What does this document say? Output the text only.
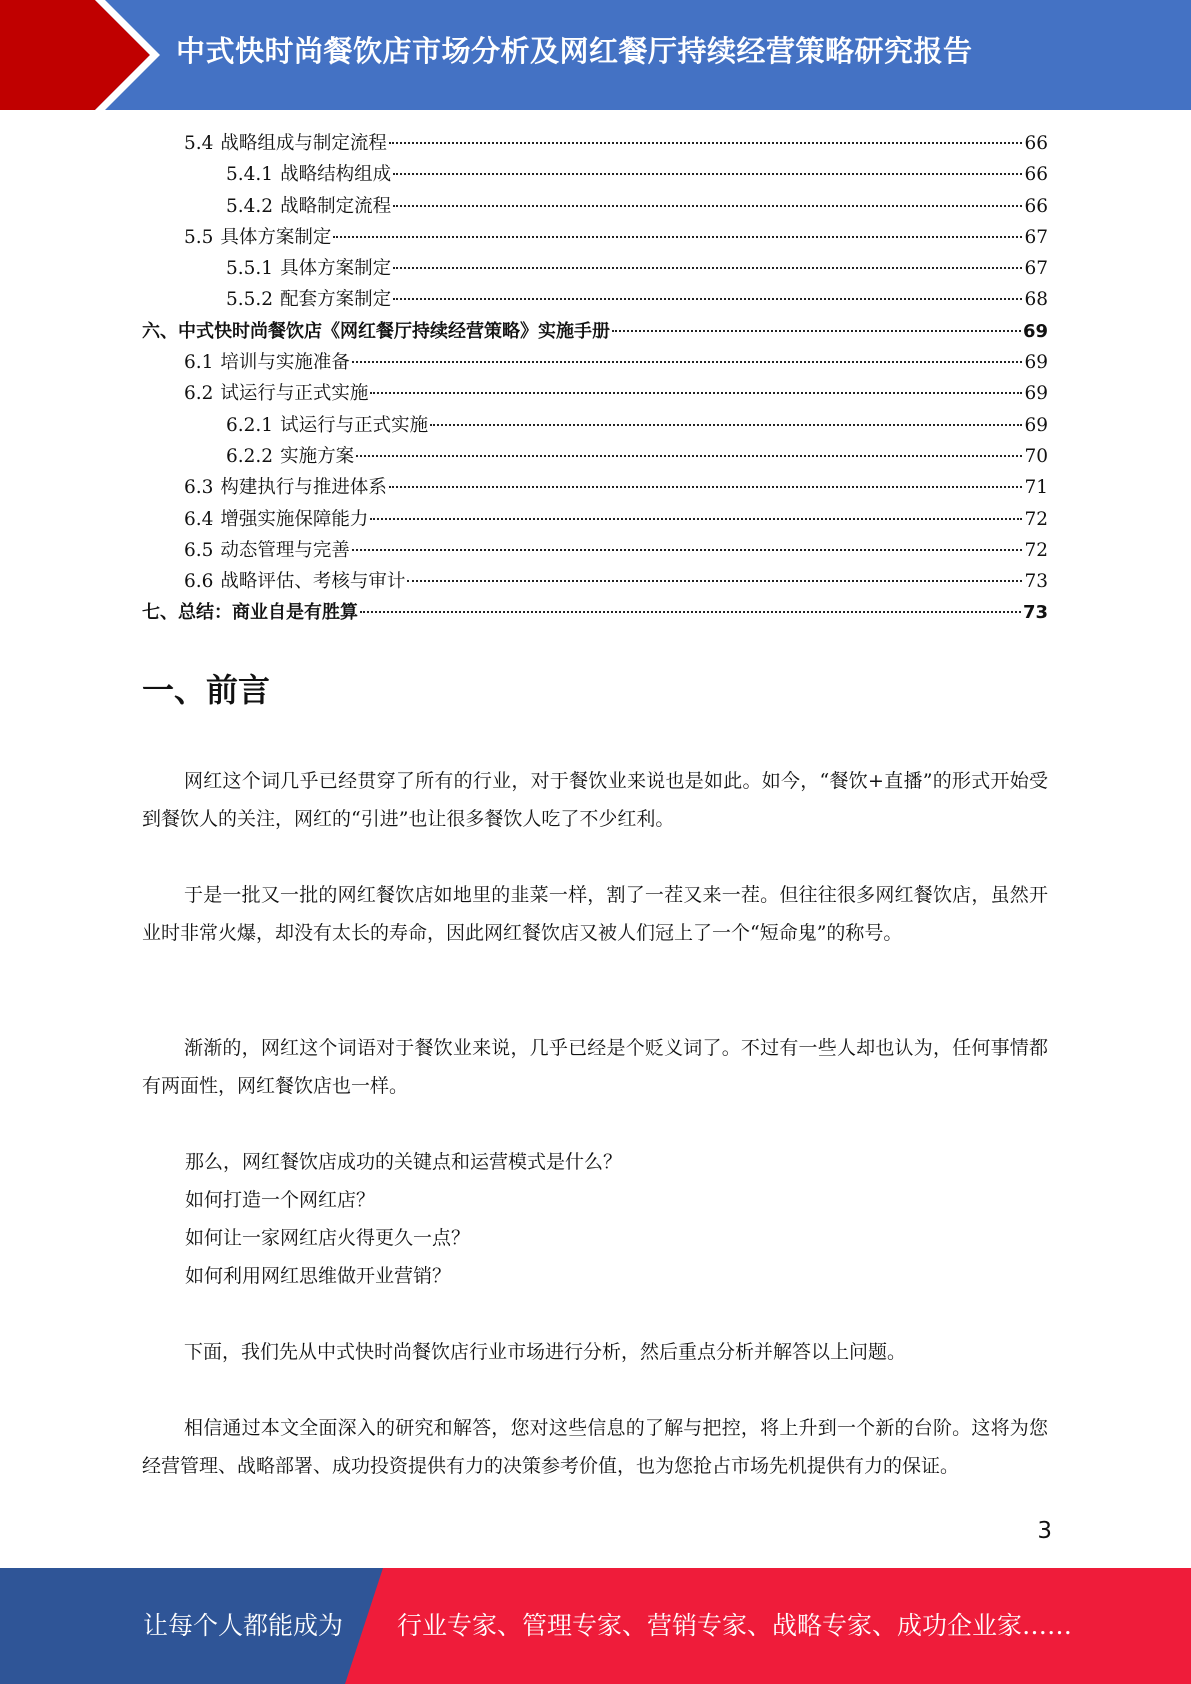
中式快时尚餐饮店市场分析及网红餐厅持续经营策略研究报告
5.4 战略组成与制定流程	66
5.4.1 战略结构组成	66
5.4.2 战略制定流程	66
5.5 具体方案制定	67
5.5.1 具体方案制定	67
5.5.2 配套方案制定	68
六、中式快时尚餐饮店《网红餐厅持续经营策略》实施手册	69
6.1 培训与实施准备	69
6.2 试运行与正式实施	69
6.2.1 试运行与正式实施	69
6.2.2 实施方案	70
6.3 构建执行与推进体系	71
6.4 增强实施保障能力	72
6.5 动态管理与完善	72
6.6 战略评估、考核与审计	73
七、总结：商业自是有胜算	73
一、前言

网红这个词几乎已经贯穿了所有的行业，对于餐饮业来说也是如此。如今，“餐饮+直播”的形式开始受到餐饮人的关注，网红的“引进”也让很多餐饮人吃了不少红利。

于是一批又一批的网红餐饮店如地里的韭菜一样，割了一茬又来一茬。但往往很多网红餐饮店，虽然开业时非常火爆，却没有太长的寿命，因此网红餐饮店又被人们冠上了一个“短命鬼”的称号。

渐渐的，网红这个词语对于餐饮业来说，几乎已经是个贬义词了。不过有一些人却也认为，任何事情都有两面性，网红餐饮店也一样。

那么，网红餐饮店成功的关键点和运营模式是什么？
如何打造一个网红店？
如何让一家网红店火得更久一点？
如何利用网红思维做开业营销？

下面，我们先从中式快时尚餐饮店行业市场进行分析，然后重点分析并解答以上问题。

相信通过本文全面深入的研究和解答，您对这些信息的了解与把控，将上升到一个新的台阶。这将为您经营管理、战略部署、成功投资提供有力的决策参考价值，也为您抢占市场先机提供有力的保证。

3
让每个人都能成为 行业专家、管理专家、营销专家、战略专家、成功企业家……
